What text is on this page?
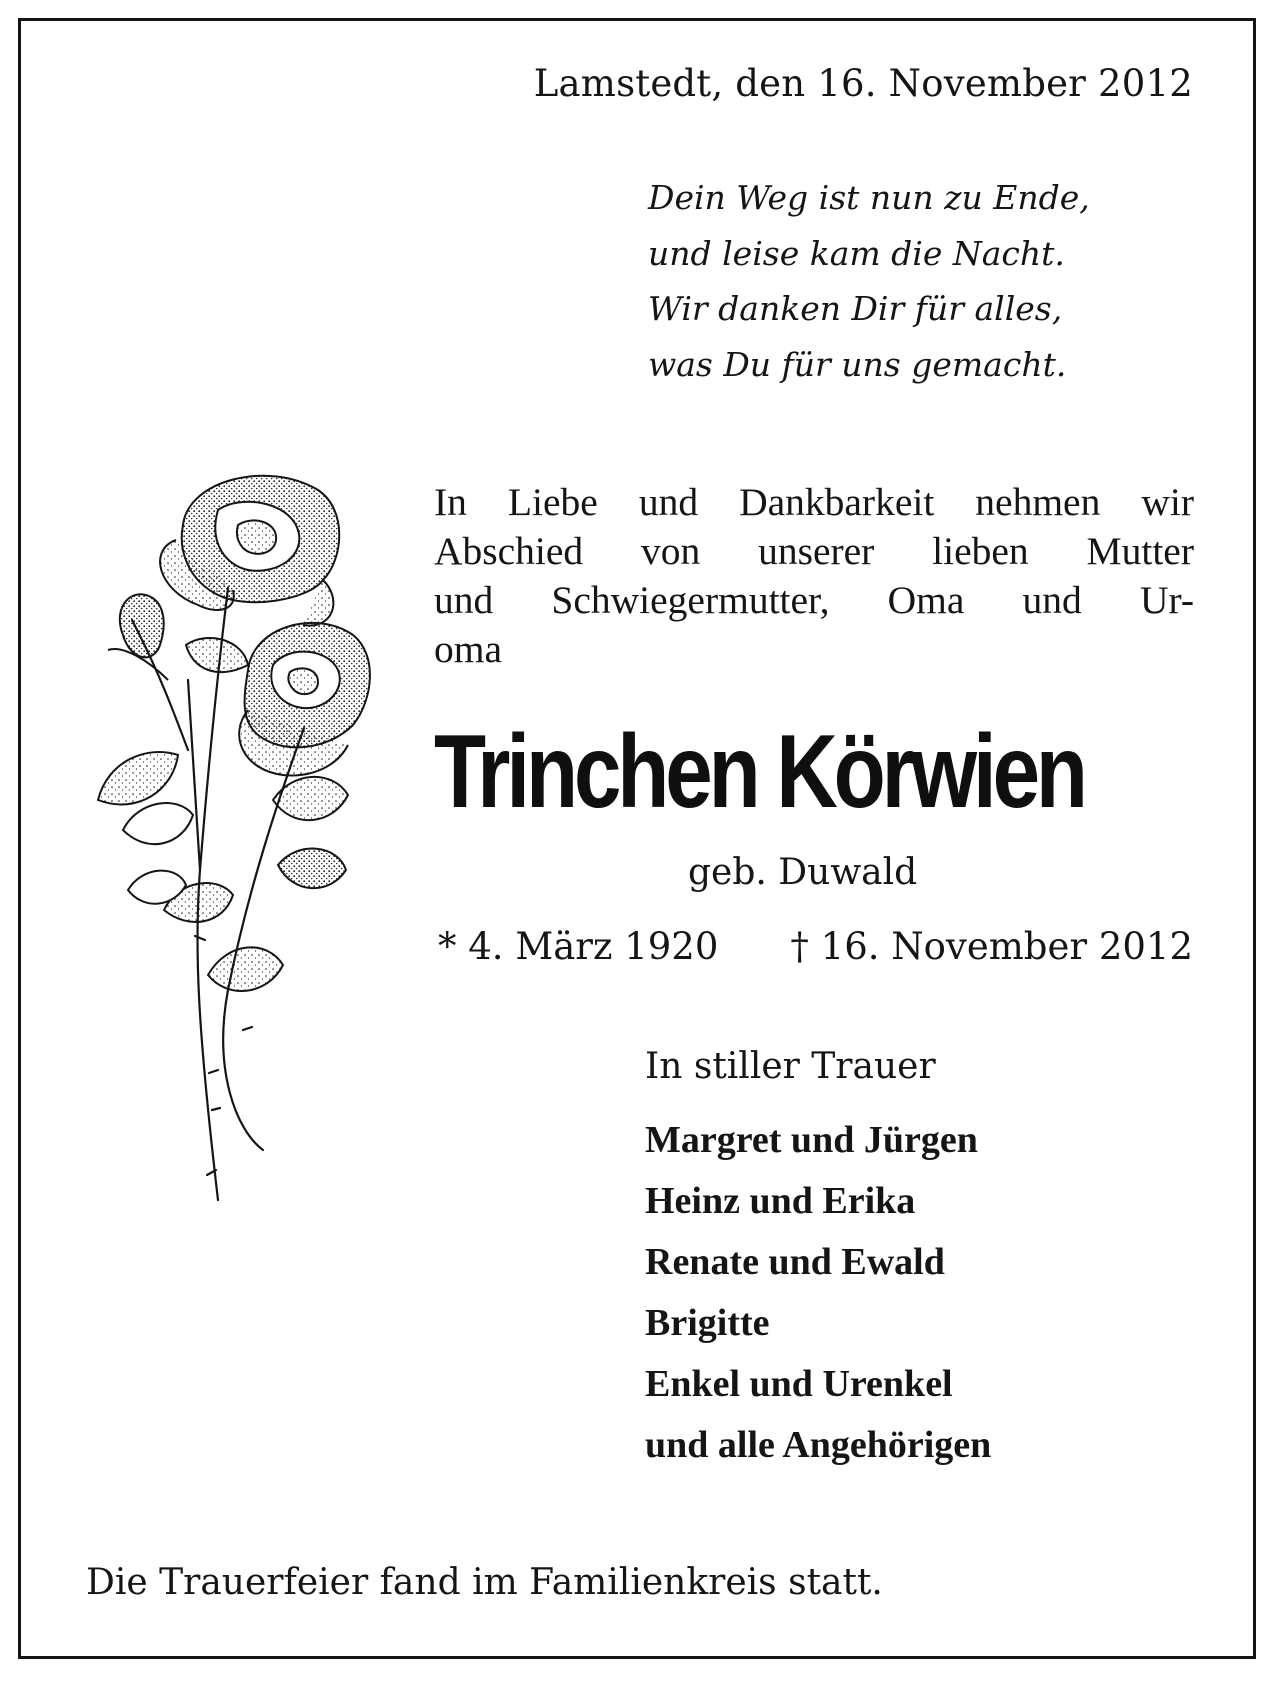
Lamstedt, den 16. November 2012
Dein Weg ist nun zu Ende,
und leise kam die Nacht.
Wir danken Dir für alles,
was Du für uns gemacht.
In Liebe und Dankbarkeit nehmen wir
Abschied von unserer lieben Mutter
und Schwiegermutter, Oma und Ur-
oma
Trinchen Körwien
geb. Duwald
* 4. März 1920 † 16. November 2012
In stiller Trauer
Margret und Jürgen
Heinz und Erika
Renate und Ewald
Brigitte
Enkel und Urenkel
und alle Angehörigen
Die Trauerfeier fand im Familienkreis statt.
